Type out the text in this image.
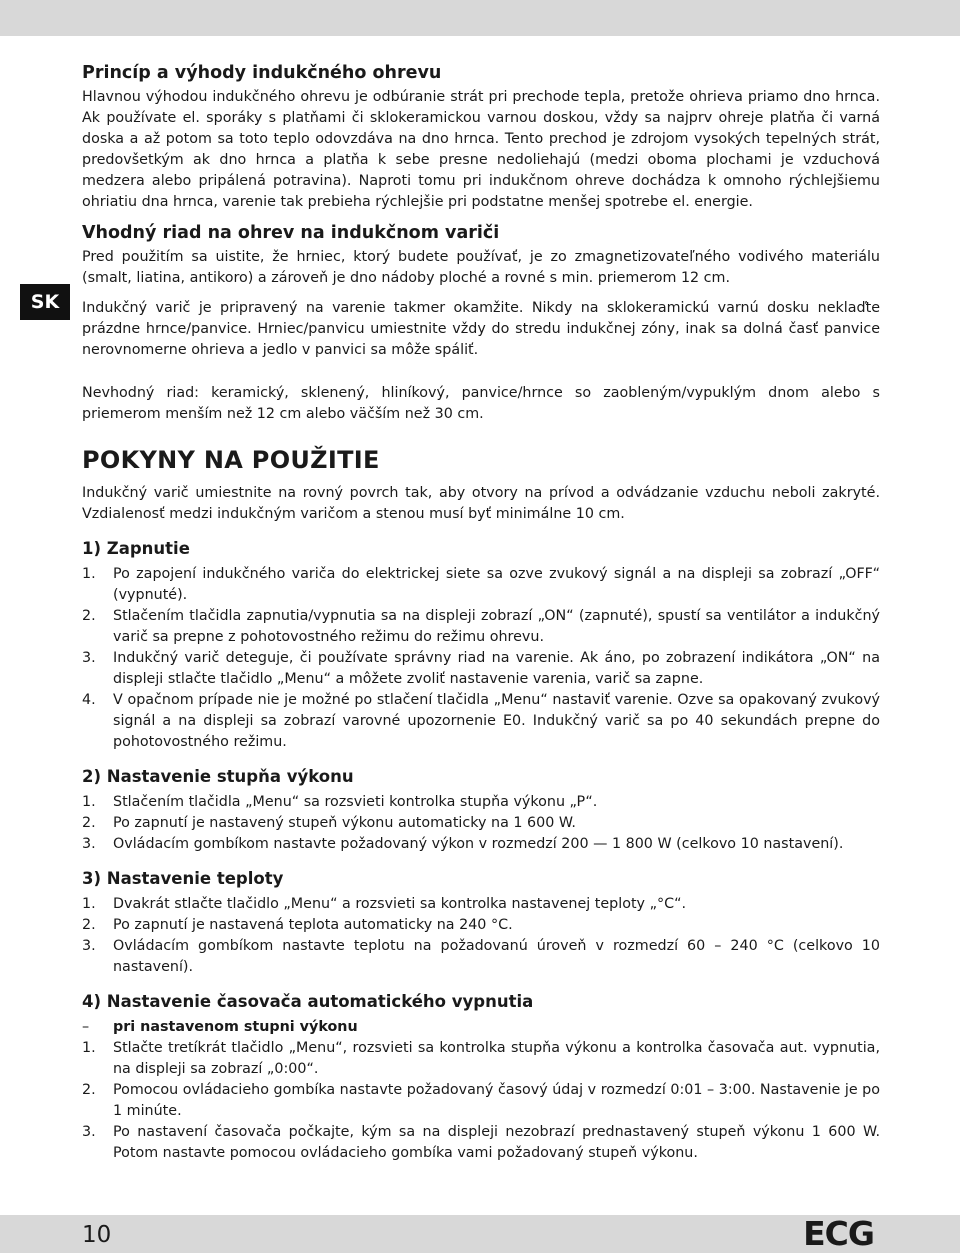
SK
Princíp a výhody indukčného ohrevu

Hlavnou výhodou indukčného ohrevu je odbúranie strát pri prechode tepla, pretože ohrieva priamo dno hrnca. Ak používate el. sporáky s platňami či sklokeramickou varnou doskou, vždy sa najprv ohreje platňa či varná doska a až potom sa toto teplo odovzdáva na dno hrnca. Tento prechod je zdrojom vysokých tepelných strát, predovšetkým ak dno hrnca a platňa k sebe presne nedoliehajú (medzi oboma plochami je vzduchová medzera alebo pripálená potravina). Naproti tomu pri indukčnom ohreve dochádza k omnoho rýchlejšiemu ohriatiu dna hrnca, varenie tak prebieha rýchlejšie pri podstatne menšej spotrebe el. energie.

Vhodný riad na ohrev na indukčnom variči

Pred použitím sa uistite, že hrniec, ktorý budete používať, je zo zmagnetizovateľného vodivého materiálu (smalt, liatina, antikoro) a zároveň je dno nádoby ploché a rovné s min. priemerom 12 cm.

Indukčný varič je pripravený na varenie takmer okamžite. Nikdy na sklokeramickú varnú dosku neklaďte prázdne hrnce/panvice. Hrniec/panvicu umiestnite vždy do stredu indukčnej zóny, inak sa dolná časť panvice nerovnomerne ohrieva a jedlo v panvici sa môže spáliť.

Nevhodný riad: keramický, sklenený, hliníkový, panvice/hrnce so zaobleným/vypuklým dnom alebo s priemerom menším než 12 cm alebo väčším než 30 cm.

POKYNY NA POUŽITIE

Indukčný varič umiestnite na rovný povrch tak, aby otvory na prívod a odvádzanie vzduchu neboli zakryté. Vzdialenosť medzi indukčným varičom a stenou musí byť minimálne 10 cm.

1) Zapnutie
1. Po zapojení indukčného variča do elektrickej siete sa ozve zvukový signál a na displeji sa zobrazí „OFF“ (vypnuté).
2. Stlačením tlačidla zapnutia/vypnutia sa na displeji zobrazí „ON“ (zapnuté), spustí sa ventilátor a indukčný varič sa prepne z pohotovostného režimu do režimu ohrevu.
3. Indukčný varič deteguje, či používate správny riad na varenie. Ak áno, po zobrazení indikátora „ON“ na displeji stlačte tlačidlo „Menu“ a môžete zvoliť nastavenie varenia, varič sa zapne.
4. V opačnom prípade nie je možné po stlačení tlačidla „Menu“ nastaviť varenie. Ozve sa opakovaný zvukový signál a na displeji sa zobrazí varovné upozornenie E0. Indukčný varič sa po 40 sekundách prepne do pohotovostného režimu.
2) Nastavenie stupňa výkonu
1. Stlačením tlačidla „Menu“ sa rozsvieti kontrolka stupňa výkonu „P“.
2. Po zapnutí je nastavený stupeň výkonu automaticky na 1 600 W.
3. Ovládacím gombíkom nastavte požadovaný výkon v rozmedzí 200 — 1 800 W (celkovo 10 nastavení).
3) Nastavenie teploty
1. Dvakrát stlačte tlačidlo „Menu“ a rozsvieti sa kontrolka nastavenej teploty „°C“.
2. Po zapnutí je nastavená teplota automaticky na 240 °C.
3. Ovládacím gombíkom nastavte teplotu na požadovanú úroveň v rozmedzí 60 – 240 °C (celkovo 10 nastavení).
4) Nastavenie časovača automatického vypnutia
– pri nastavenom stupni výkonu
1. Stlačte tretíkrát tlačidlo „Menu“, rozsvieti sa kontrolka stupňa výkonu a kontrolka časovača aut. vypnutia, na displeji sa zobrazí „0:00“.
2. Pomocou ovládacieho gombíka nastavte požadovaný časový údaj v rozmedzí 0:01 – 3:00. Nastavenie je po 1 minúte.
3. Po nastavení časovača počkajte, kým sa na displeji nezobrazí prednastavený stupeň výkonu 1 600 W. Potom nastavte pomocou ovládacieho gombíka vami požadovaný stupeň výkonu.
10	ECG
